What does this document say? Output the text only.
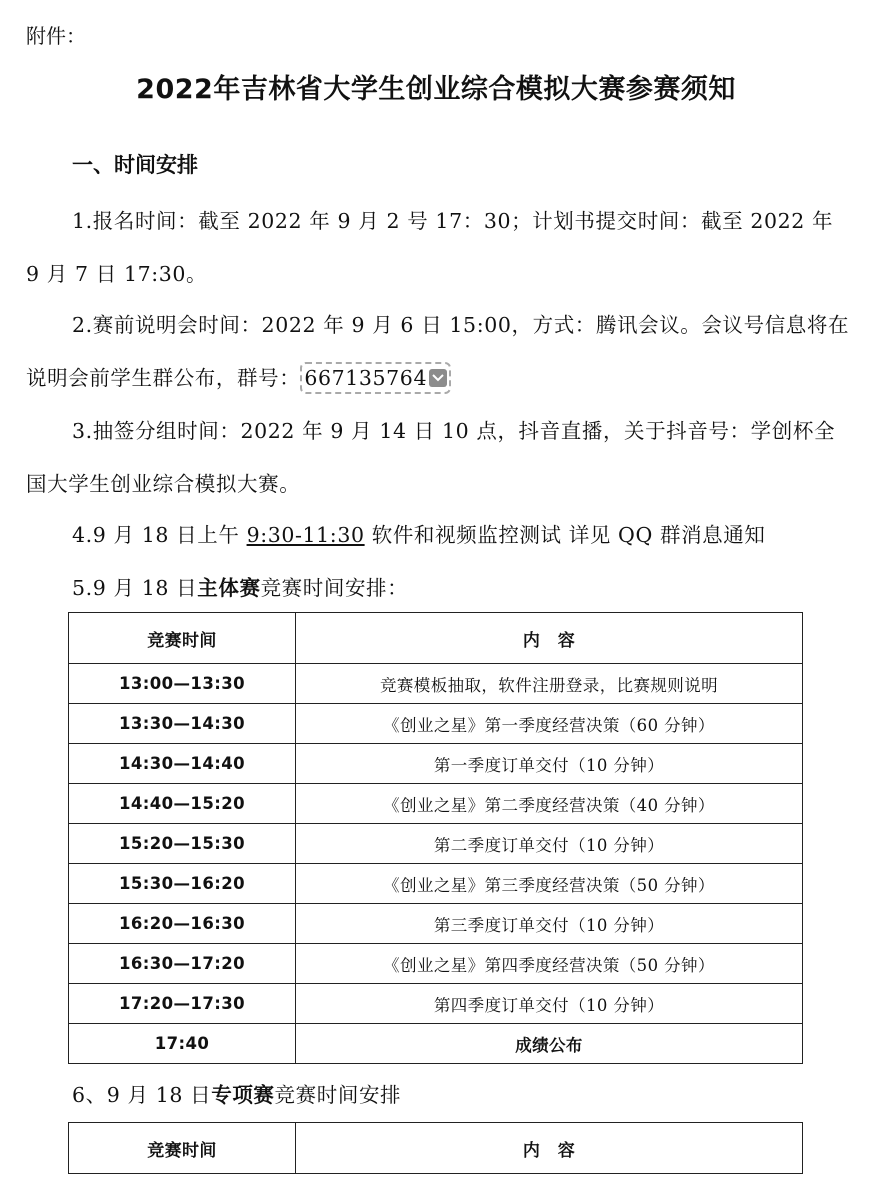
附件：
2022年吉林省大学生创业综合模拟大赛参赛须知
一、时间安排
1.报名时间：截至 2022 年 9 月 2 号 17：30；计划书提交时间：截至 2022 年 9 月 7 日 17:30。
2.赛前说明会时间：2022 年 9 月 6 日 15:00，方式：腾讯会议。会议号信息将在说明会前学生群公布，群号： 667135764
3.抽签分组时间：2022 年 9 月 14 日 10 点，抖音直播，关于抖音号：学创杯全国大学生创业综合模拟大赛。
4.9 月 18 日上午 9:30-11:30 软件和视频监控测试 详见 QQ 群消息通知
5.9 月 18 日主体赛竞赛时间安排：
竞赛时间	内　容
13:00—13:30	竞赛模板抽取，软件注册登录，比赛规则说明
13:30—14:30	《创业之星》第一季度经营决策（60 分钟）
14:30—14:40	第一季度订单交付（10 分钟）
14:40—15:20	《创业之星》第二季度经营决策（40 分钟）
15:20—15:30	第二季度订单交付（10 分钟）
15:30—16:20	《创业之星》第三季度经营决策（50 分钟）
16:20—16:30	第三季度订单交付（10 分钟）
16:30—17:20	《创业之星》第四季度经营决策（50 分钟）
17:20—17:30	第四季度订单交付（10 分钟）
17:40	成绩公布
6、9 月 18 日专项赛竞赛时间安排
竞赛时间	内　容
